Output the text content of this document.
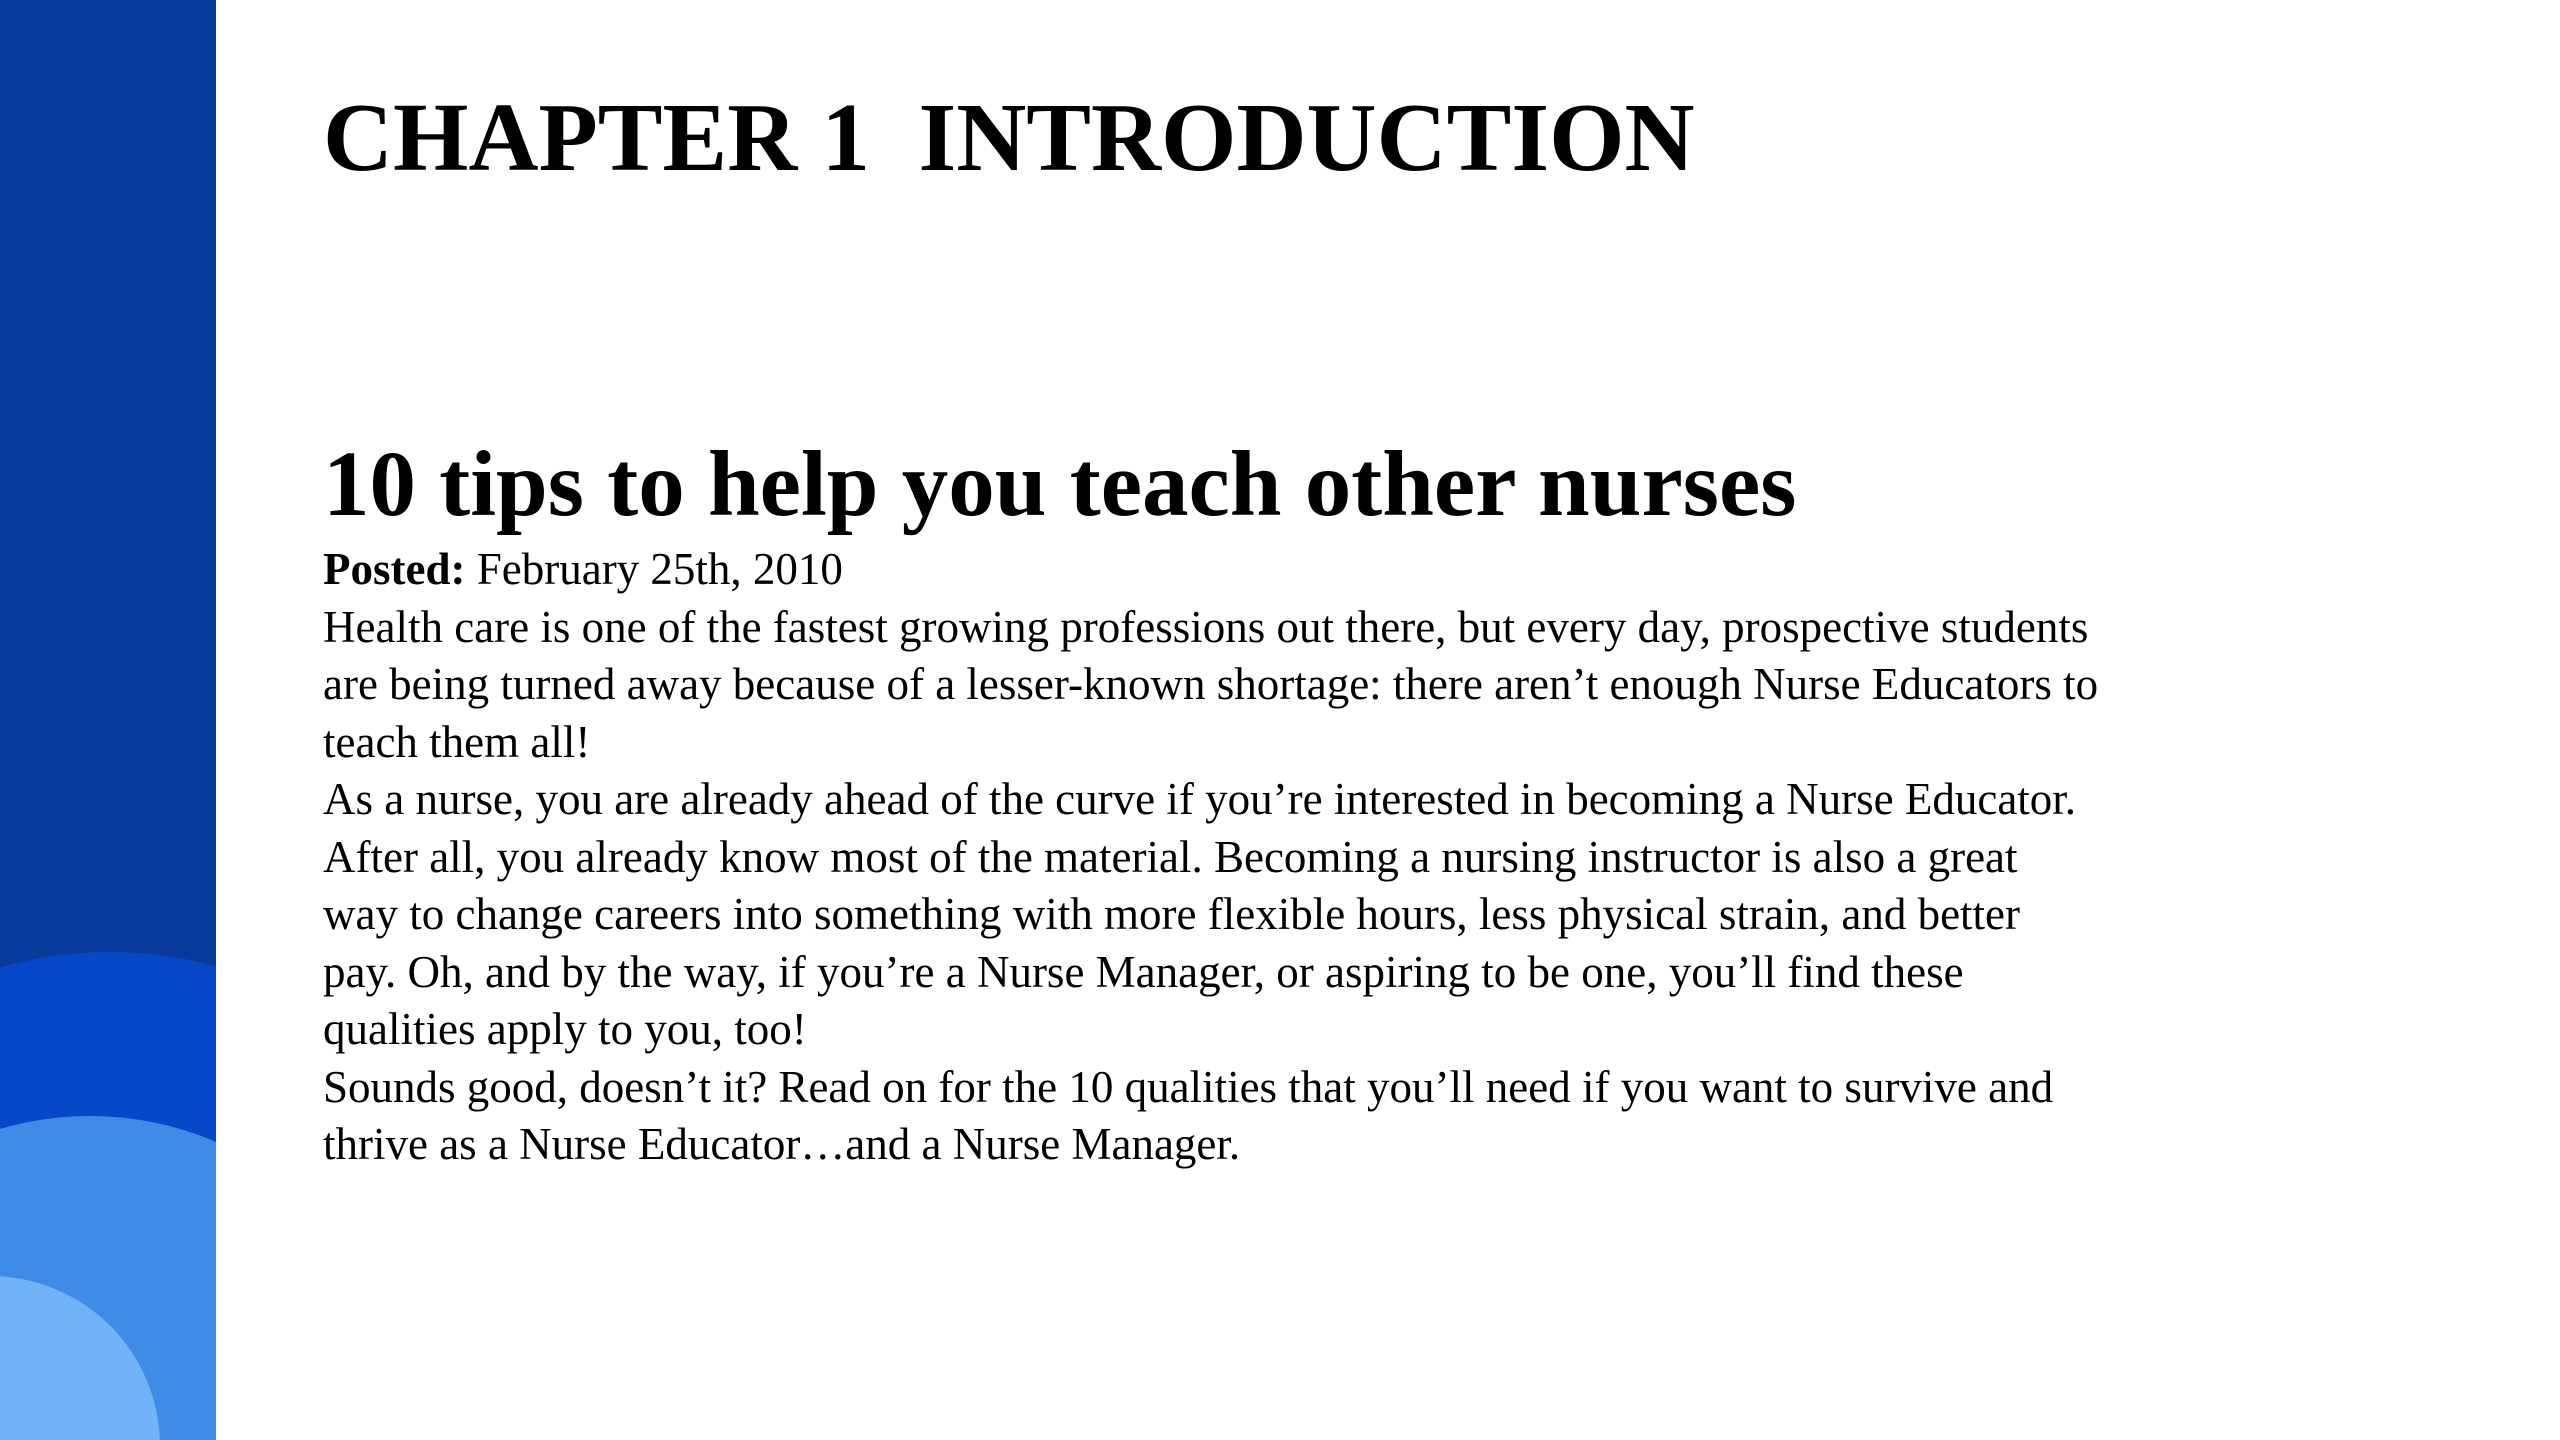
CHAPTER 1  INTRODUCTION
10 tips to help you teach other nurses

Posted: February 25th, 2010

Health care is one of the fastest growing professions out there, but every day, prospective students are being turned away because of a lesser-known shortage: there aren’t enough Nurse Educators to teach them all!

As a nurse, you are already ahead of the curve if you’re interested in becoming a Nurse Educator. After all, you already know most of the material. Becoming a nursing instructor is also a great way to change careers into something with more flexible hours, less physical strain, and better pay. Oh, and by the way, if you’re a Nurse Manager, or aspiring to be one, you’ll find these qualities apply to you, too!

Sounds good, doesn’t it? Read on for the 10 qualities that you’ll need if you want to survive and thrive as a Nurse Educator…and a Nurse Manager.
